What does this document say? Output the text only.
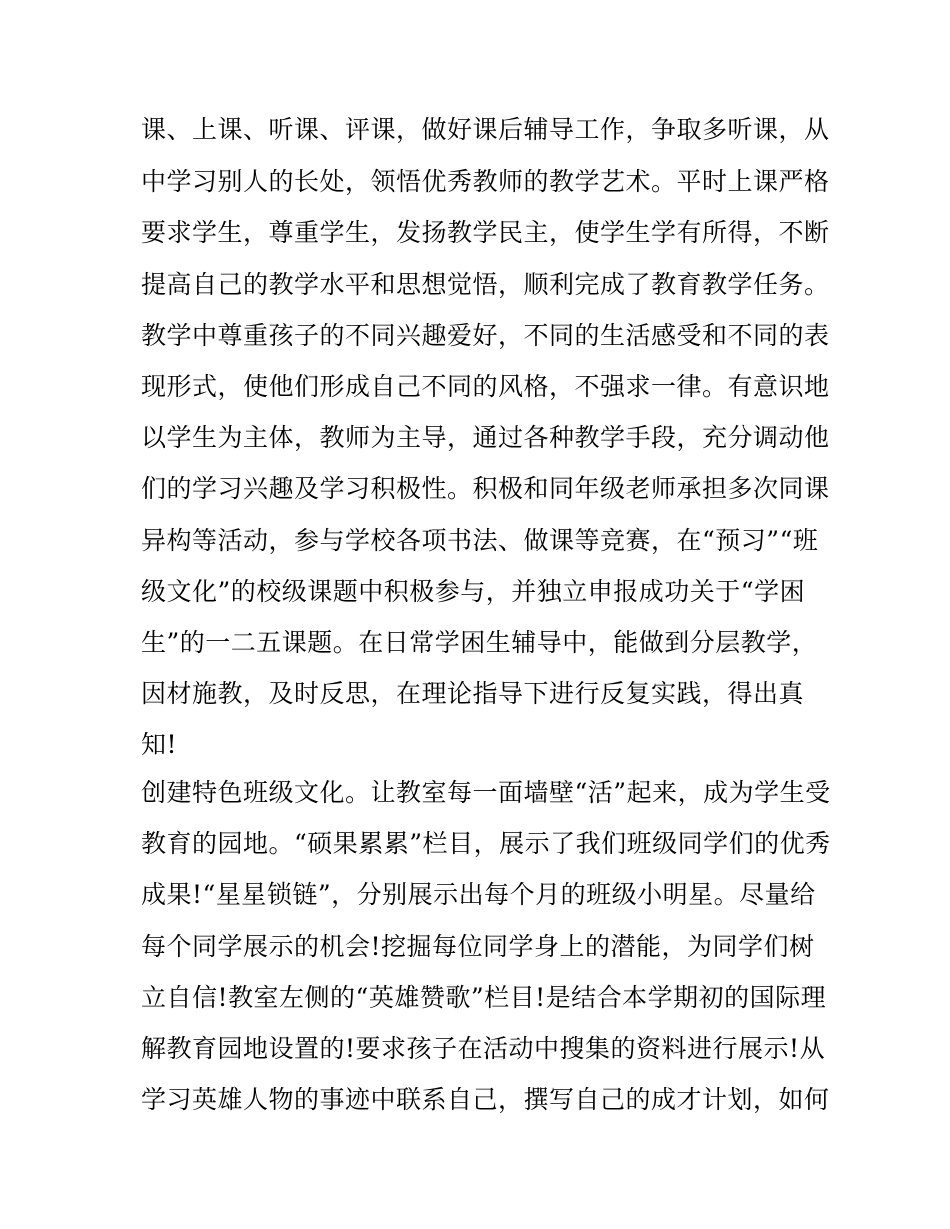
课、上课、听课、评课，做好课后辅导工作，争取多听课，从
中学习别人的长处，领悟优秀教师的教学艺术。平时上课严格
要求学生，尊重学生，发扬教学民主，使学生学有所得，不断
提高自己的教学水平和思想觉悟，顺利完成了教育教学任务。
教学中尊重孩子的不同兴趣爱好，不同的生活感受和不同的表
现形式，使他们形成自己不同的风格，不强求一律。有意识地
以学生为主体，教师为主导，通过各种教学手段，充分调动他
们的学习兴趣及学习积极性。积极和同年级老师承担多次同课
异构等活动，参与学校各项书法、做课等竞赛，在“预习”“班
级文化”的校级课题中积极参与，并独立申报成功关于“学困
生”的一二五课题。在日常学困生辅导中，能做到分层教学，
因材施教，及时反思，在理论指导下进行反复实践，得出真
知!
创建特色班级文化。让教室每一面墙壁“活”起来，成为学生受
教育的园地。“硕果累累”栏目，展示了我们班级同学们的优秀
成果!“星星锁链”，分别展示出每个月的班级小明星。尽量给
每个同学展示的机会!挖掘每位同学身上的潜能，为同学们树
立自信!教室左侧的“英雄赞歌”栏目!是结合本学期初的国际理
解教育园地设置的!要求孩子在活动中搜集的资料进行展示!从
学习英雄人物的事迹中联系自己，撰写自己的成才计划，如何
